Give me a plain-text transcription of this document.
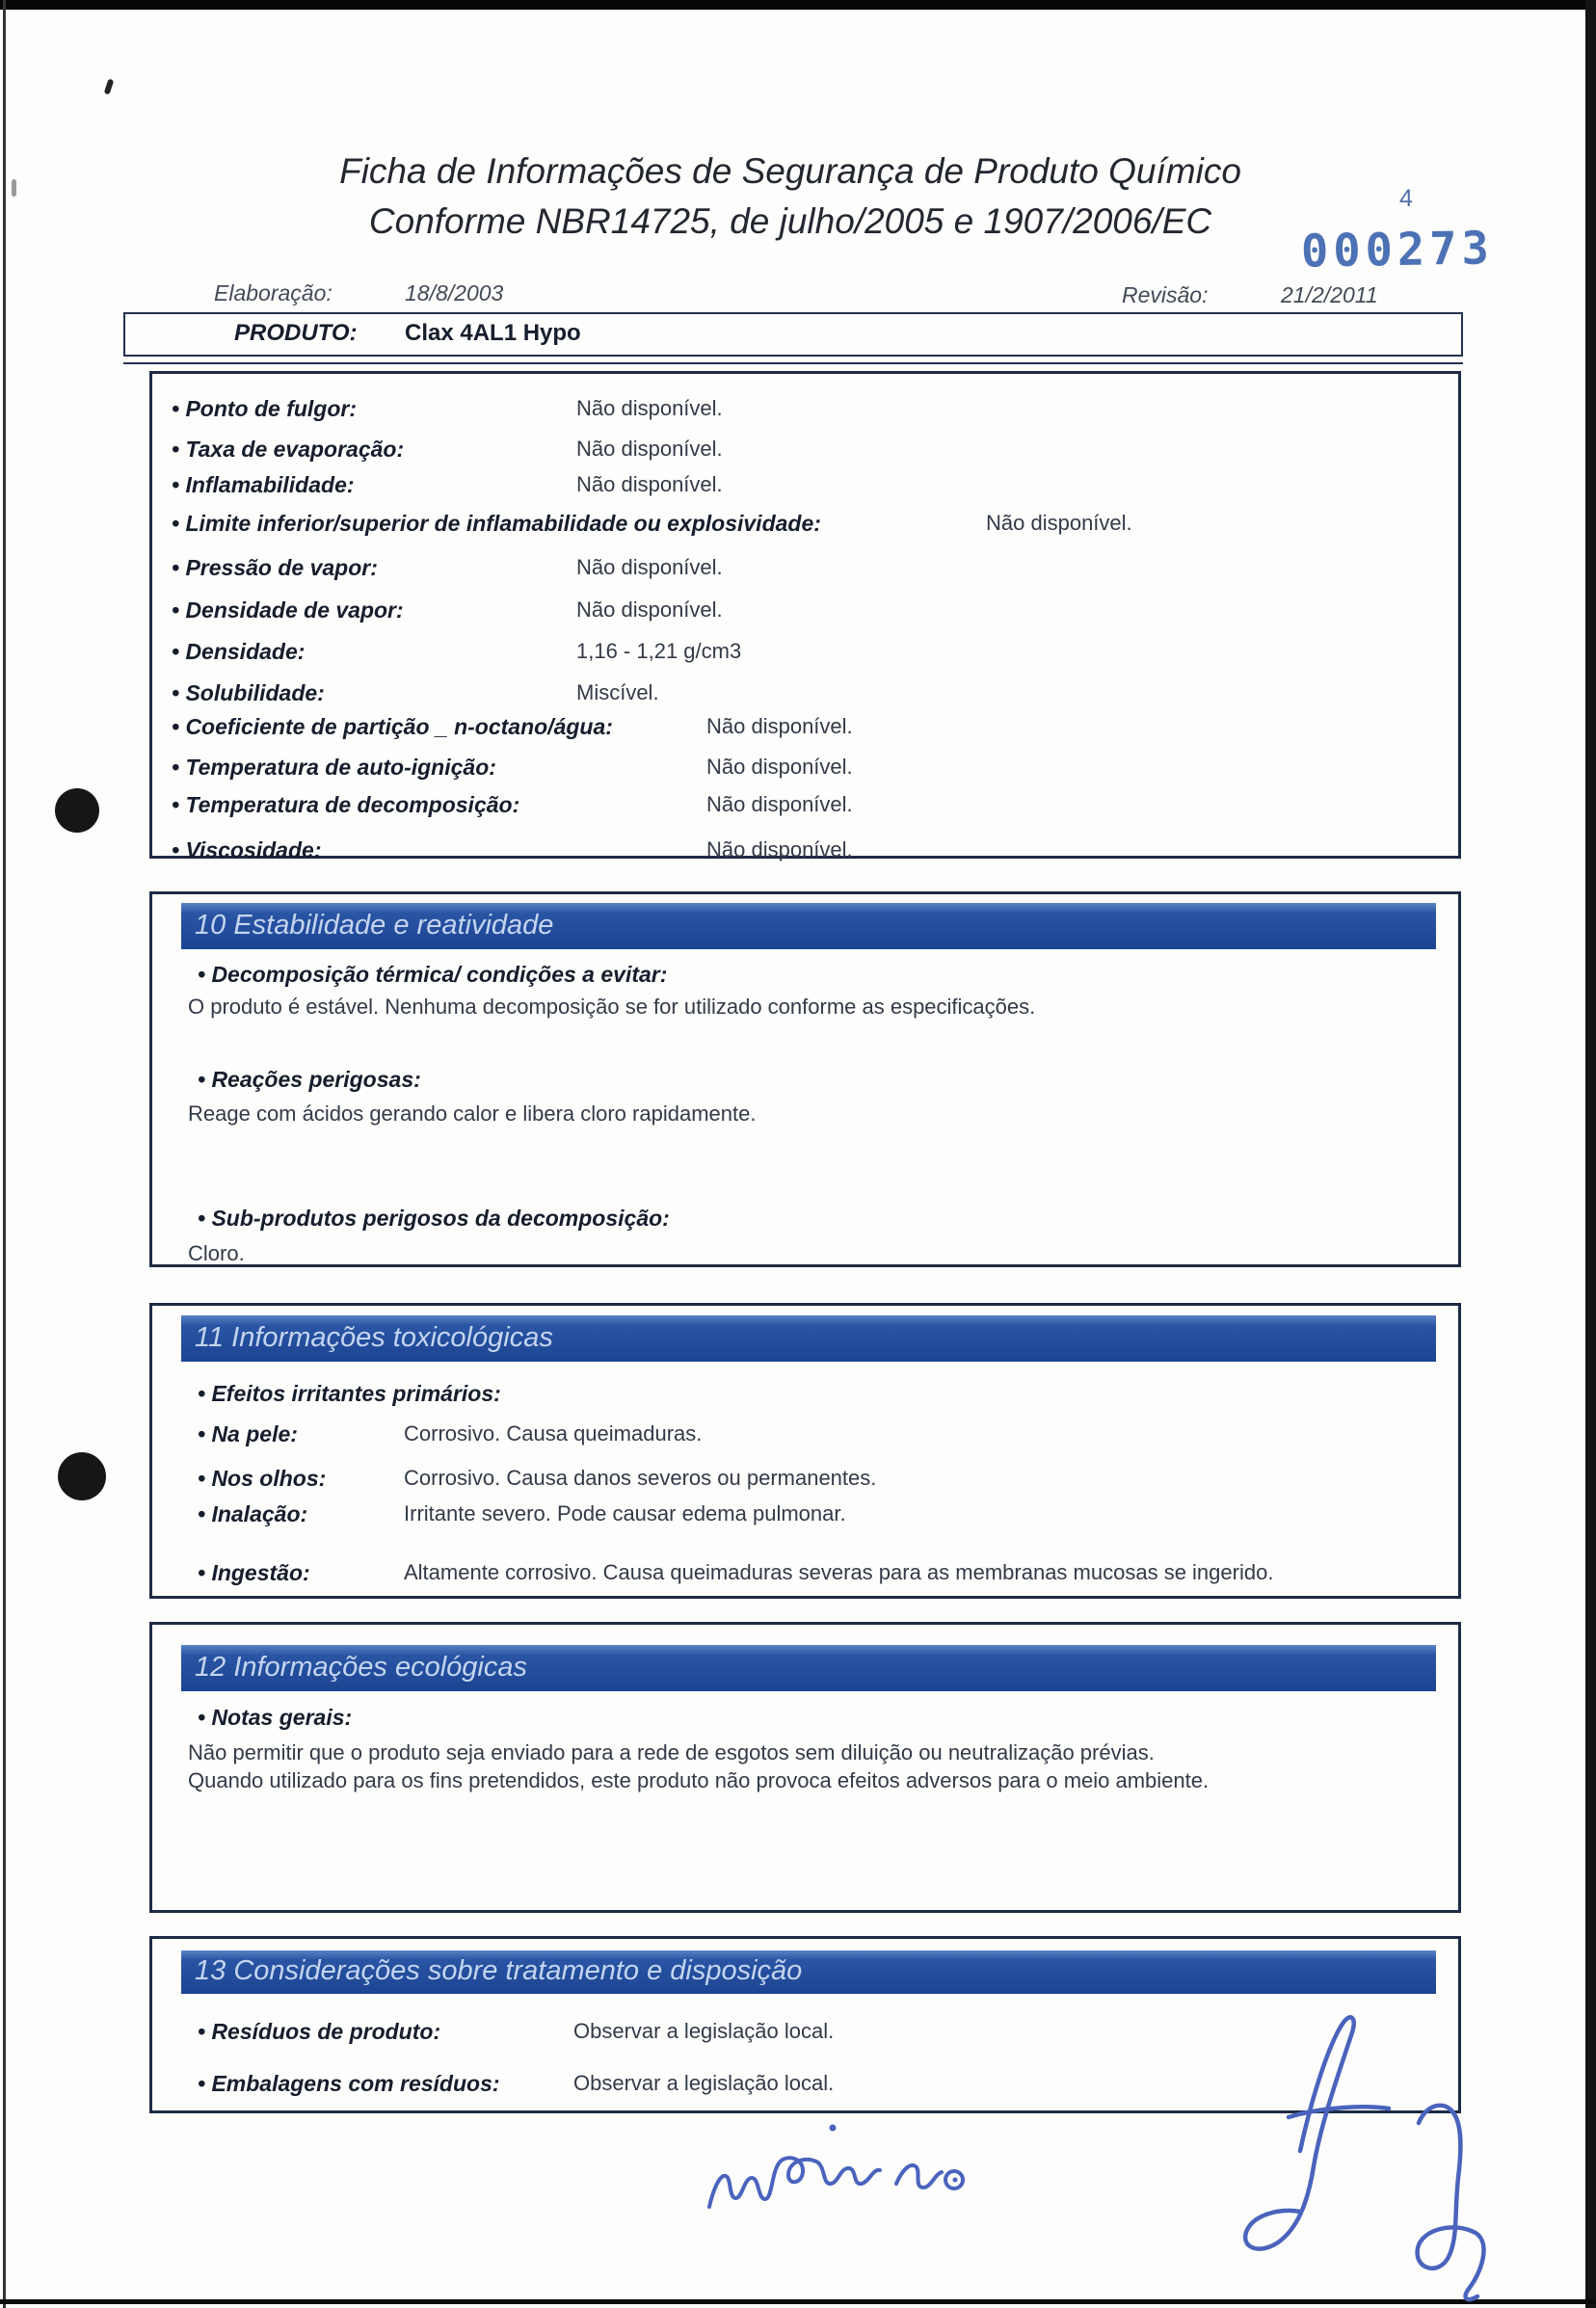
Ficha de Informações de Segurança de Produto Químico
Conforme NBR14725, de julho/2005 e 1907/2006/EC
4
000273
Elaboração:	18/8/2003	Revisão:	21/2/2011
PRODUTO: Clax 4AL1 Hypo
• Ponto de fulgor:	Não disponível.
• Taxa de evaporação:	Não disponível.
• Inflamabilidade:	Não disponível.
• Limite inferior/superior de inflamabilidade ou explosividade:	Não disponível.
• Pressão de vapor:	Não disponível.
• Densidade de vapor:	Não disponível.
• Densidade:	1,16 - 1,21 g/cm3
• Solubilidade:	Miscível.
• Coeficiente de partição _ n-octano/água:	Não disponível.
• Temperatura de auto-ignição:	Não disponível.
• Temperatura de decomposição:	Não disponível.
• Viscosidade:	Não disponível.
10 Estabilidade e reatividade
• Decomposição térmica/ condições a evitar:
O produto é estável. Nenhuma decomposição se for utilizado conforme as especificações.
• Reações perigosas:
Reage com ácidos gerando calor e libera cloro rapidamente.
• Sub-produtos perigosos da decomposição:
Cloro.
11 Informações toxicológicas
• Efeitos irritantes primários:
• Na pele:	Corrosivo. Causa queimaduras.
• Nos olhos:	Corrosivo. Causa danos severos ou permanentes.
• Inalação:	Irritante severo. Pode causar edema pulmonar.
• Ingestão:	Altamente corrosivo. Causa queimaduras severas para as membranas mucosas se ingerido.
12 Informações ecológicas
• Notas gerais:
Não permitir que o produto seja enviado para a rede de esgotos sem diluição ou neutralização prévias.
Quando utilizado para os fins pretendidos, este produto não provoca efeitos adversos para o meio ambiente.
13 Considerações sobre tratamento e disposição
• Resíduos de produto:	Observar a legislação local.
• Embalagens com resíduos:	Observar a legislação local.
